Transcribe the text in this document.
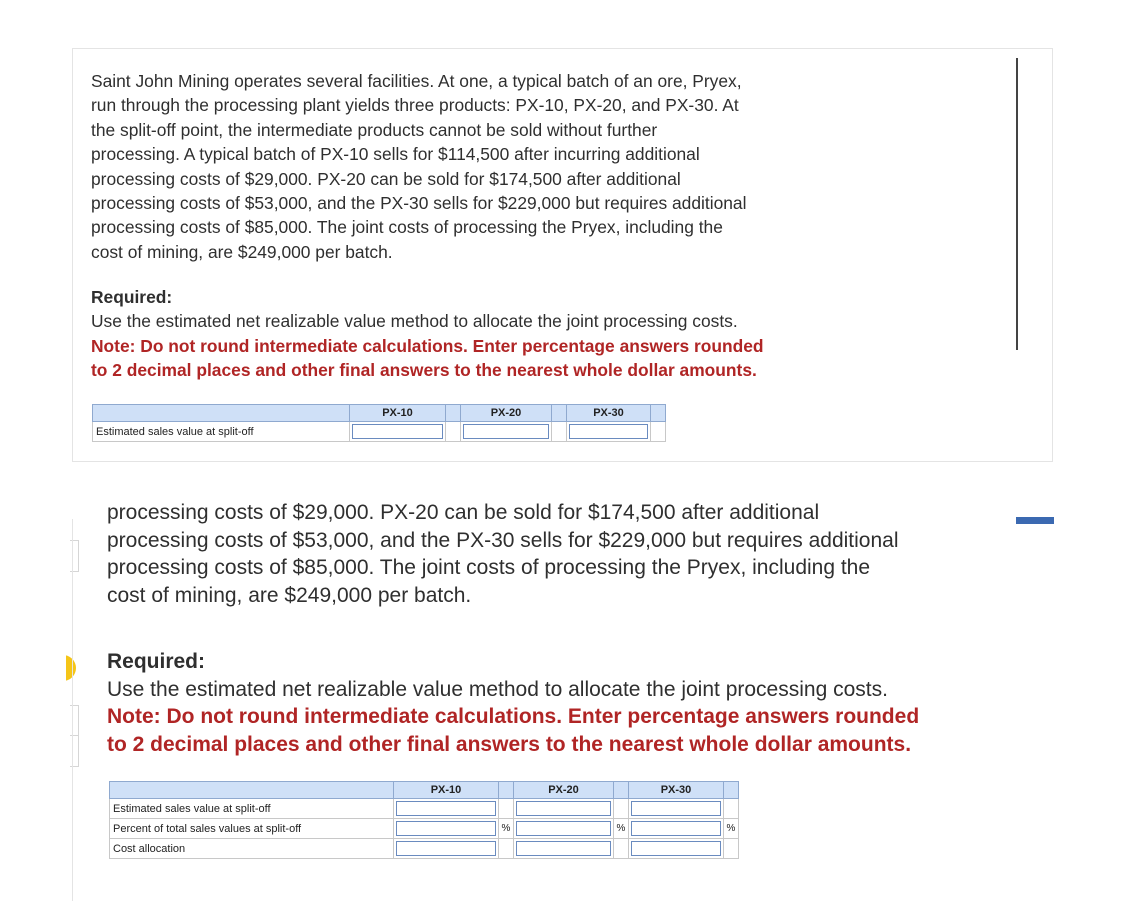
Saint John Mining operates several facilities. At one, a typical batch of an ore, Pryex,
run through the processing plant yields three products: PX-10, PX-20, and PX-30. At
the split-off point, the intermediate products cannot be sold without further
processing. A typical batch of PX-10 sells for $114,500 after incurring additional
processing costs of $29,000. PX-20 can be sold for $174,500 after additional
processing costs of $53,000, and the PX-30 sells for $229,000 but requires additional
processing costs of $85,000. The joint costs of processing the Pryex, including the
cost of mining, are $249,000 per batch.
Required:
Use the estimated net realizable value method to allocate the joint processing costs.
Note: Do not round intermediate calculations. Enter percentage answers rounded
to 2 decimal places and other final answers to the nearest whole dollar amounts.
	PX-10		PX-20		PX-30	
Estimated sales value at split-off	

processing costs of $29,000. PX-20 can be sold for $174,500 after additional
processing costs of $53,000, and the PX-30 sells for $229,000 but requires additional
processing costs of $85,000. The joint costs of processing the Pryex, including the
cost of mining, are $249,000 per batch.
Required:
Use the estimated net realizable value method to allocate the joint processing costs.
Note: Do not round intermediate calculations. Enter percentage answers rounded
to 2 decimal places and other final answers to the nearest whole dollar amounts.
	PX-10		PX-20		PX-30	
Estimated sales value at split-off	

Percent of total sales values at split-off		%		%		%
Cost allocation	
